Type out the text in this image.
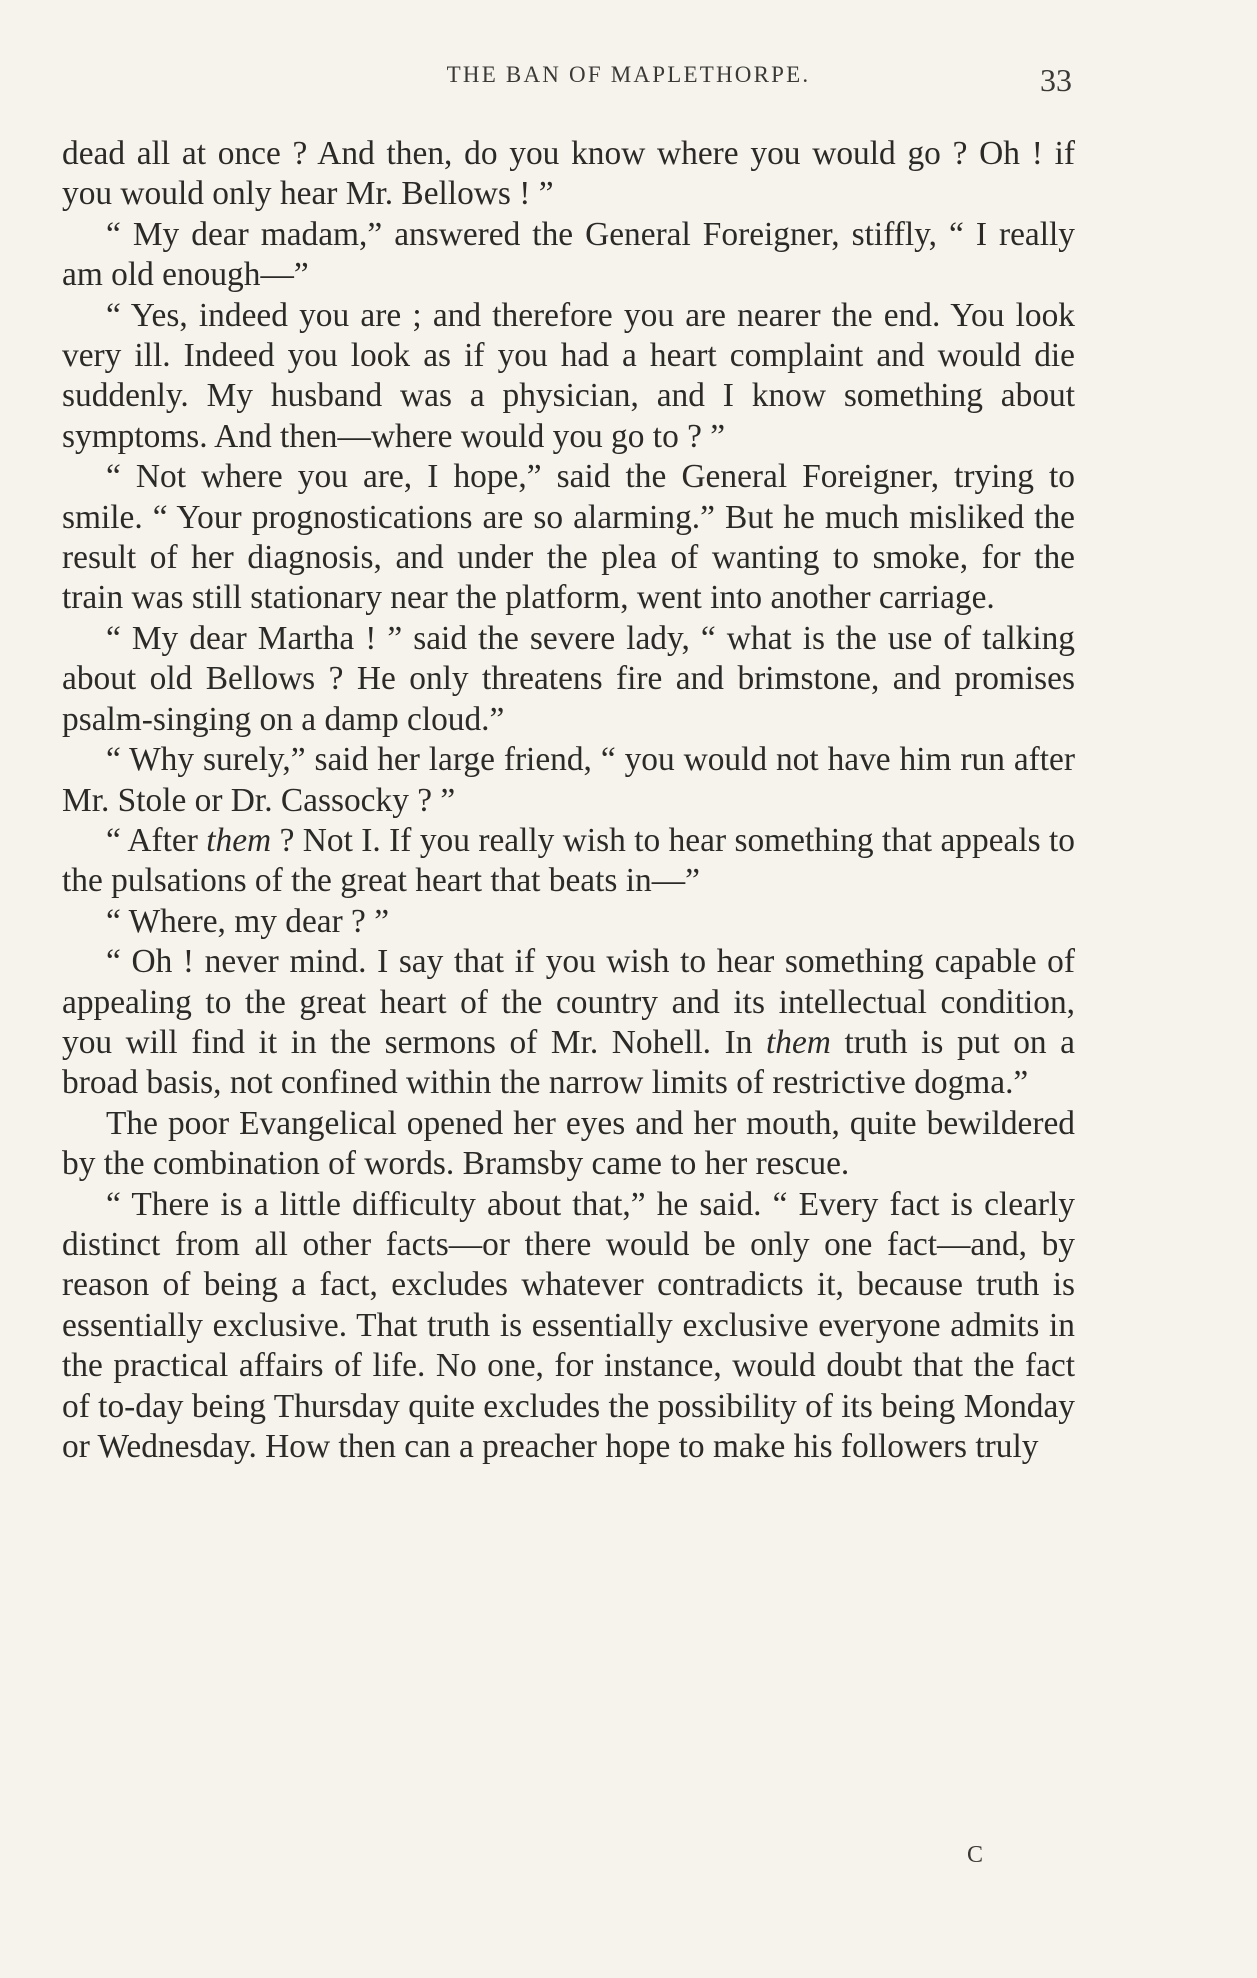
THE BAN OF MAPLETHORPE.	33

dead all at once ? And then, do you know where you would go ? Oh ! if you would only hear Mr. Bellows ! ”

“ My dear madam,” answered the General Foreigner, stiffly, “ I really am old enough—”

“ Yes, indeed you are ; and therefore you are nearer the end. You look very ill. Indeed you look as if you had a heart complaint and would die suddenly. My husband was a physician, and I know something about symptoms. And then—where would you go to ? ”

“ Not where you are, I hope,” said the General Foreigner, trying to smile. “ Your prognostications are so alarming.” But he much misliked the result of her diagnosis, and under the plea of wanting to smoke, for the train was still stationary near the platform, went into another carriage.

“ My dear Martha ! ” said the severe lady, “ what is the use of talking about old Bellows ? He only threatens fire and brimstone, and promises psalm-singing on a damp cloud.”

“ Why surely,” said her large friend, “ you would not have him run after Mr. Stole or Dr. Cassocky ? ”

“ After them ? Not I. If you really wish to hear something that appeals to the pulsations of the great heart that beats in—”

“ Where, my dear ? ”

“ Oh ! never mind. I say that if you wish to hear something capable of appealing to the great heart of the country and its intellectual condition, you will find it in the sermons of Mr. Nohell. In them truth is put on a broad basis, not confined within the narrow limits of restrictive dogma.”

The poor Evangelical opened her eyes and her mouth, quite bewildered by the combination of words. Bramsby came to her rescue.

“ There is a little difficulty about that,” he said. “ Every fact is clearly distinct from all other facts—or there would be only one fact—and, by reason of being a fact, excludes whatever contradicts it, because truth is essentially exclusive. That truth is essentially exclusive everyone admits in the practical affairs of life. No one, for instance, would doubt that the fact of to-day being Thursday quite excludes the possibility of its being Monday or Wednesday. How then can a preacher hope to make his followers truly

C
